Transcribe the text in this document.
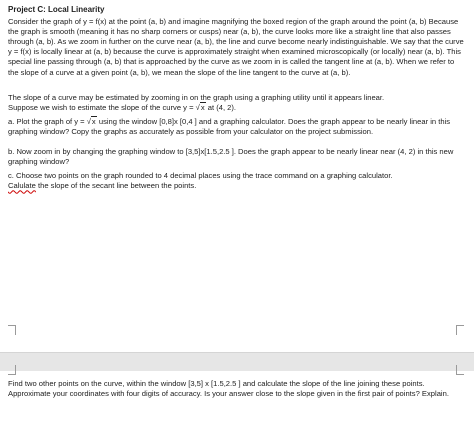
Project C: Local Linearity

Consider the graph of y = f(x) at the point (a, b) and imagine magnifying the boxed region of the graph around the point (a, b) Because the graph is smooth (meaning it has no sharp corners or cusps) near (a, b), the curve looks more like a straight line that also passes through (a, b). As we zoom in further on the curve near (a, b), the line and curve become nearly indistinguishable. We say that the curve y = f(x) is locally linear at (a, b) because the curve is approximately straight when examined microscopically (or locally) near (a, b). This special line passing through (a, b) that is approached by the curve as we zoom in is called the tangent line at (a, b). When we refer to the slope of a curve at a given point (a, b), we mean the slope of the line tangent to the curve at (a, b).

The slope of a curve may be estimated by zooming in on the graph using a graphing utility until it appears linear.
Suppose we wish to estimate the slope of the curve y = √x at (4, 2).

a. Plot the graph of y = √x using the window [0,8]x [0,4 ] and a graphing calculator. Does the graph appear to be nearly linear in this graphing window? Copy the graphs as accurately as possible from your calculator on the project submission.

b. Now zoom in by changing the graphing window to [3,5]x[1.5,2.5 ]. Does the graph appear to be nearly linear near (4, 2) in this new graphing window?

c. Choose two points on the graph rounded to 4 decimal places using the trace command on a graphing calculator.
Calulate the slope of the secant line between the points.

Find two other points on the curve, within the window [3,5] x [1.5,2.5 ] and calculate the slope of the line joining these points. Approximate your coordinates with four digits of accuracy. Is your answer close to the slope given in the first pair of points? Explain.
